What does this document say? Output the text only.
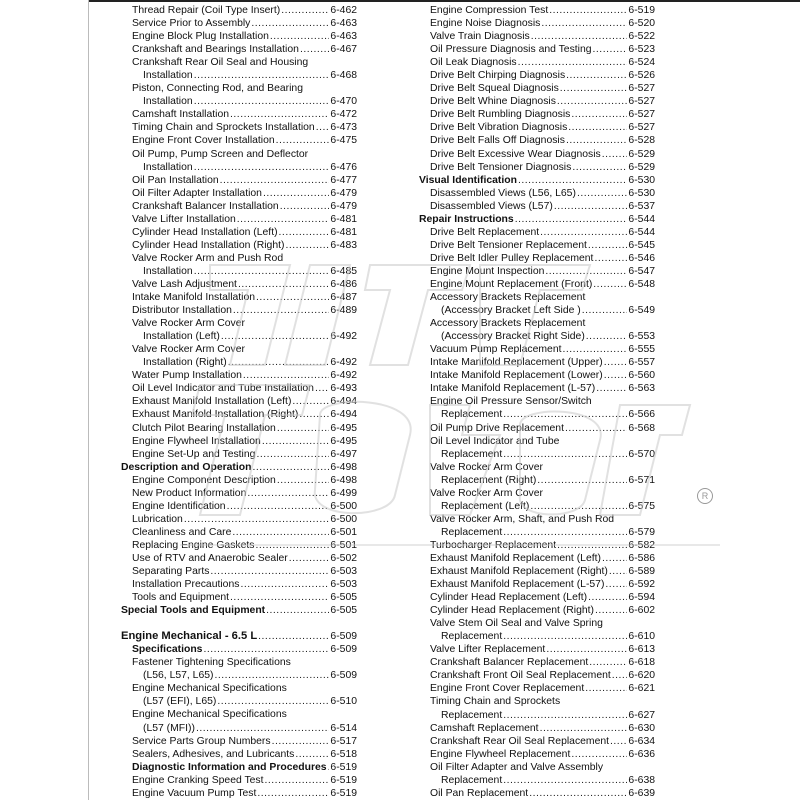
Thread Repair (Coil Type Insert) .....	6-462
Service Prior to Assembly .....	6-463
Engine Block Plug Installation .....	6-463
Crankshaft and Bearings Installation .....	6-467
Crankshaft Rear Oil Seal and Housing
Installation .....	6-468
Piston, Connecting Rod, and Bearing
Installation .....	6-470
Camshaft Installation .....	6-472
Timing Chain and Sprockets Installation ..... 6-473
Engine Front Cover Installation .....	6-475
Oil Pump, Pump Screen and Deflector
Installation .....	6-476
Oil Pan Installation .....	6-477
Oil Filter Adapter Installation .....	6-479
Crankshaft Balancer Installation .....	6-479
Valve Lifter Installation .....	6-481
Cylinder Head Installation (Left) .....	6-481
Cylinder Head Installation (Right) .....	6-483
Valve Rocker Arm and Push Rod
Installation .....	6-485
Valve Lash Adjustment .....	6-486
Intake Manifold Installation .....	6-487
Distributor Installation .....	6-489
Valve Rocker Arm Cover
Installation (Left) .....	6-492
Valve Rocker Arm Cover
Installation (Right) .....	6-492
Water Pump Installation .....	6-492
Oil Level Indicator and Tube Installation ..... 6-493
Exhaust Manifold Installation (Left) .....	6-494
Exhaust Manifold Installation (Right) .....	6-494
Clutch Pilot Bearing Installation .....	6-495
Engine Flywheel Installation .....	6-495
Engine Set-Up and Testing .....	6-497
Description and Operation .....	6-498
Engine Component Description .....	6-498
New Product Information .....	6-499
Engine Identification .....	6-500
Lubrication .....	6-500
Cleanliness and Care .....	6-501
Replacing Engine Gaskets .....	6-501
Use of RTV and Anaerobic Sealer .....	6-502
Separating Parts .....	6-503
Installation Precautions .....	6-503
Tools and Equipment .....	6-505
Special Tools and Equipment .....	6-505
Engine Mechanical - 6.5 L .....	6-509
Specifications .....	6-509
Fastener Tightening Specifications
(L56, L57, L65) .....	6-509
Engine Mechanical Specifications
(L57 (EFI), L65) .....	6-510
Engine Mechanical Specifications
(L57 (MFI)) .....	6-514
Service Parts Group Numbers .....	6-517
Sealers, Adhesives, and Lubricants .....	6-518
Diagnostic Information and Procedures ..... 6-519
Engine Cranking Speed Test .....	6-519
Engine Vacuum Pump Test .....	6-519
Engine Compression Test .....	6-519
Engine Noise Diagnosis .....	6-520
Valve Train Diagnosis .....	6-522
Oil Pressure Diagnosis and Testing .....	6-523
Oil Leak Diagnosis .....	6-524
Drive Belt Chirping Diagnosis .....	6-526
Drive Belt Squeal Diagnosis .....	6-527
Drive Belt Whine Diagnosis .....	6-527
Drive Belt Rumbling Diagnosis .....	6-527
Drive Belt Vibration Diagnosis .....	6-527
Drive Belt Falls Off Diagnosis .....	6-528
Drive Belt Excessive Wear Diagnosis .....	6-529
Drive Belt Tensioner Diagnosis .....	6-529
Visual Identification .....	6-530
Disassembled Views (L56, L65) .....	6-530
Disassembled Views (L57) .....	6-537
Repair Instructions .....	6-544
Drive Belt Replacement .....	6-544
Drive Belt Tensioner Replacement .....	6-545
Drive Belt Idler Pulley Replacement .....	6-546
Engine Mount Inspection .....	6-547
Engine Mount Replacement (Front) .....	6-548
Accessory Brackets Replacement
(Accessory Bracket Left Side ) .....	6-549
Accessory Brackets Replacement
(Accessory Bracket Right Side) .....	6-553
Vacuum Pump Replacement .....	6-555
Intake Manifold Replacement (Upper) ..... 6-557
Intake Manifold Replacement (Lower) ..... 6-560
Intake Manifold Replacement (L-57) .....	6-563
Engine Oil Pressure Sensor/Switch
Replacement .....	6-566
Oil Pump Drive Replacement .....	6-568
Oil Level Indicator and Tube
Replacement .....	6-570
Valve Rocker Arm Cover
Replacement (Right) .....	6-571
Valve Rocker Arm Cover
Replacement (Left) .....	6-575
Valve Rocker Arm, Shaft, and Push Rod
Replacement .....	6-579
Turbocharger Replacement .....	6-582
Exhaust Manifold Replacement (Left) .....	6-586
Exhaust Manifold Replacement (Right) ..... 6-589
Exhaust Manifold Replacement (L-57) ..... 6-592
Cylinder Head Replacement (Left) .....	6-594
Cylinder Head Replacement (Right) .....	6-602
Valve Stem Oil Seal and Valve Spring
Replacement .....	6-610
Valve Lifter Replacement .....	6-613
Crankshaft Balancer Replacement .....	6-618
Crankshaft Front Oil Seal Replacement ..... 6-620
Engine Front Cover Replacement .....	6-621
Timing Chain and Sprockets
Replacement .....	6-627
Camshaft Replacement .....	6-630
Crankshaft Rear Oil Seal Replacement ..... 6-634
Engine Flywheel Replacement .....	6-636
Oil Filter Adapter and Valve Assembly
Replacement .....	6-638
Oil Pan Replacement .....	6-639
R
